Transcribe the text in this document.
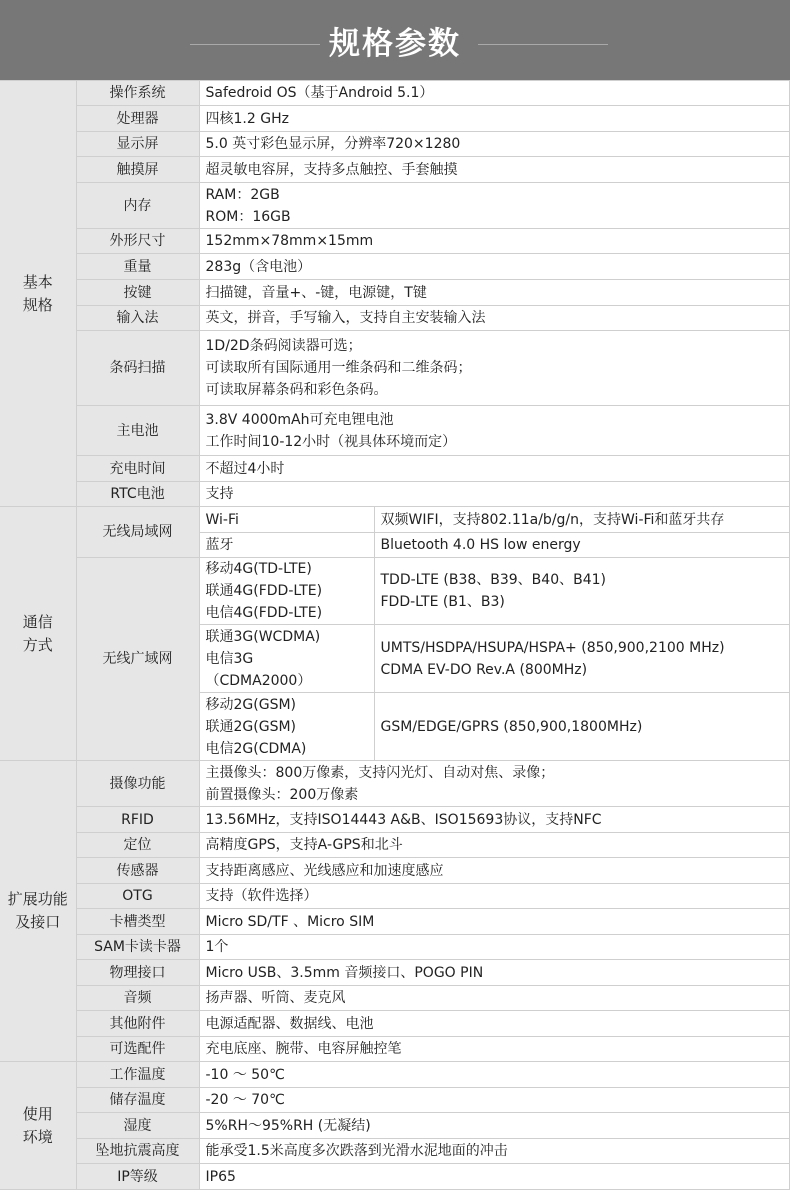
规格参数
基本
规格	操作系统	Safedroid OS（基于Android 5.1）	

	处理器	四核1.2 GHz	

	显示屏	5.0 英寸彩色显示屏，分辨率720×1280	

	触摸屏	超灵敏电容屏，支持多点触控、手套触摸	

	内存	RAM：2GB
ROM：16GB	

	外形尺寸	152mm×78mm×15mm	

	重量	283g（含电池）	

	按键	扫描键，音量+、-键，电源键，T键	

	输入法	英文，拼音，手写输入，支持自主安装输入法	

	条码扫描	1D/2D条码阅读器可选；
可读取所有国际通用一维条码和二维条码；
可读取屏幕条码和彩色条码。	

	主电池	3.8V 4000mAh可充电锂电池
工作时间10-12小时（视具体环境而定）	

	充电时间	不超过4小时	

	RTC电池	支持	

通信
方式	无线局域网	Wi-Fi	双频WIFI，支持802.11a/b/g/n，支持Wi-Fi和蓝牙共存

		蓝牙	Bluetooth 4.0 HS low energy

	无线广域网	移动4G(TD-LTE)
联通4G(FDD-LTE)
电信4G(FDD-LTE)	TDD-LTE (B38、B39、B40、B41)
FDD-LTE (B1、B3)

		联通3G(WCDMA)
电信3G
（CDMA2000）	UMTS/HSDPA/HSUPA/HSPA+ (850,900,2100 MHz)
CDMA EV-DO Rev.A (800MHz)

		移动2G(GSM)
联通2G(GSM)
电信2G(CDMA)	GSM/EDGE/GPRS (850,900,1800MHz)

扩展功能
及接口	摄像功能	主摄像头：800万像素，支持闪光灯、自动对焦、录像；
前置摄像头：200万像素	

	RFID	13.56MHz，支持ISO14443 A&B、ISO15693协议，支持NFC	

	定位	高精度GPS，支持A-GPS和北斗	

	传感器	支持距离感应、光线感应和加速度感应	

	OTG	支持（软件选择）	

	卡槽类型	Micro SD/TF 、Micro SIM	

	SAM卡读卡器	1个	

	物理接口	Micro USB、3.5mm 音频接口、POGO PIN	

	音频	扬声器、听筒、麦克风	

	其他附件	电源适配器、数据线、电池	

	可选配件	充电底座、腕带、电容屏触控笔	

使用
环境	工作温度	-10 ～ 50℃	

	储存温度	-20 ～ 70℃	

	湿度	5%RH～95%RH (无凝结)	

	坠地抗震高度	能承受1.5米高度多次跌落到光滑水泥地面的冲击	

	IP等级	IP65	
